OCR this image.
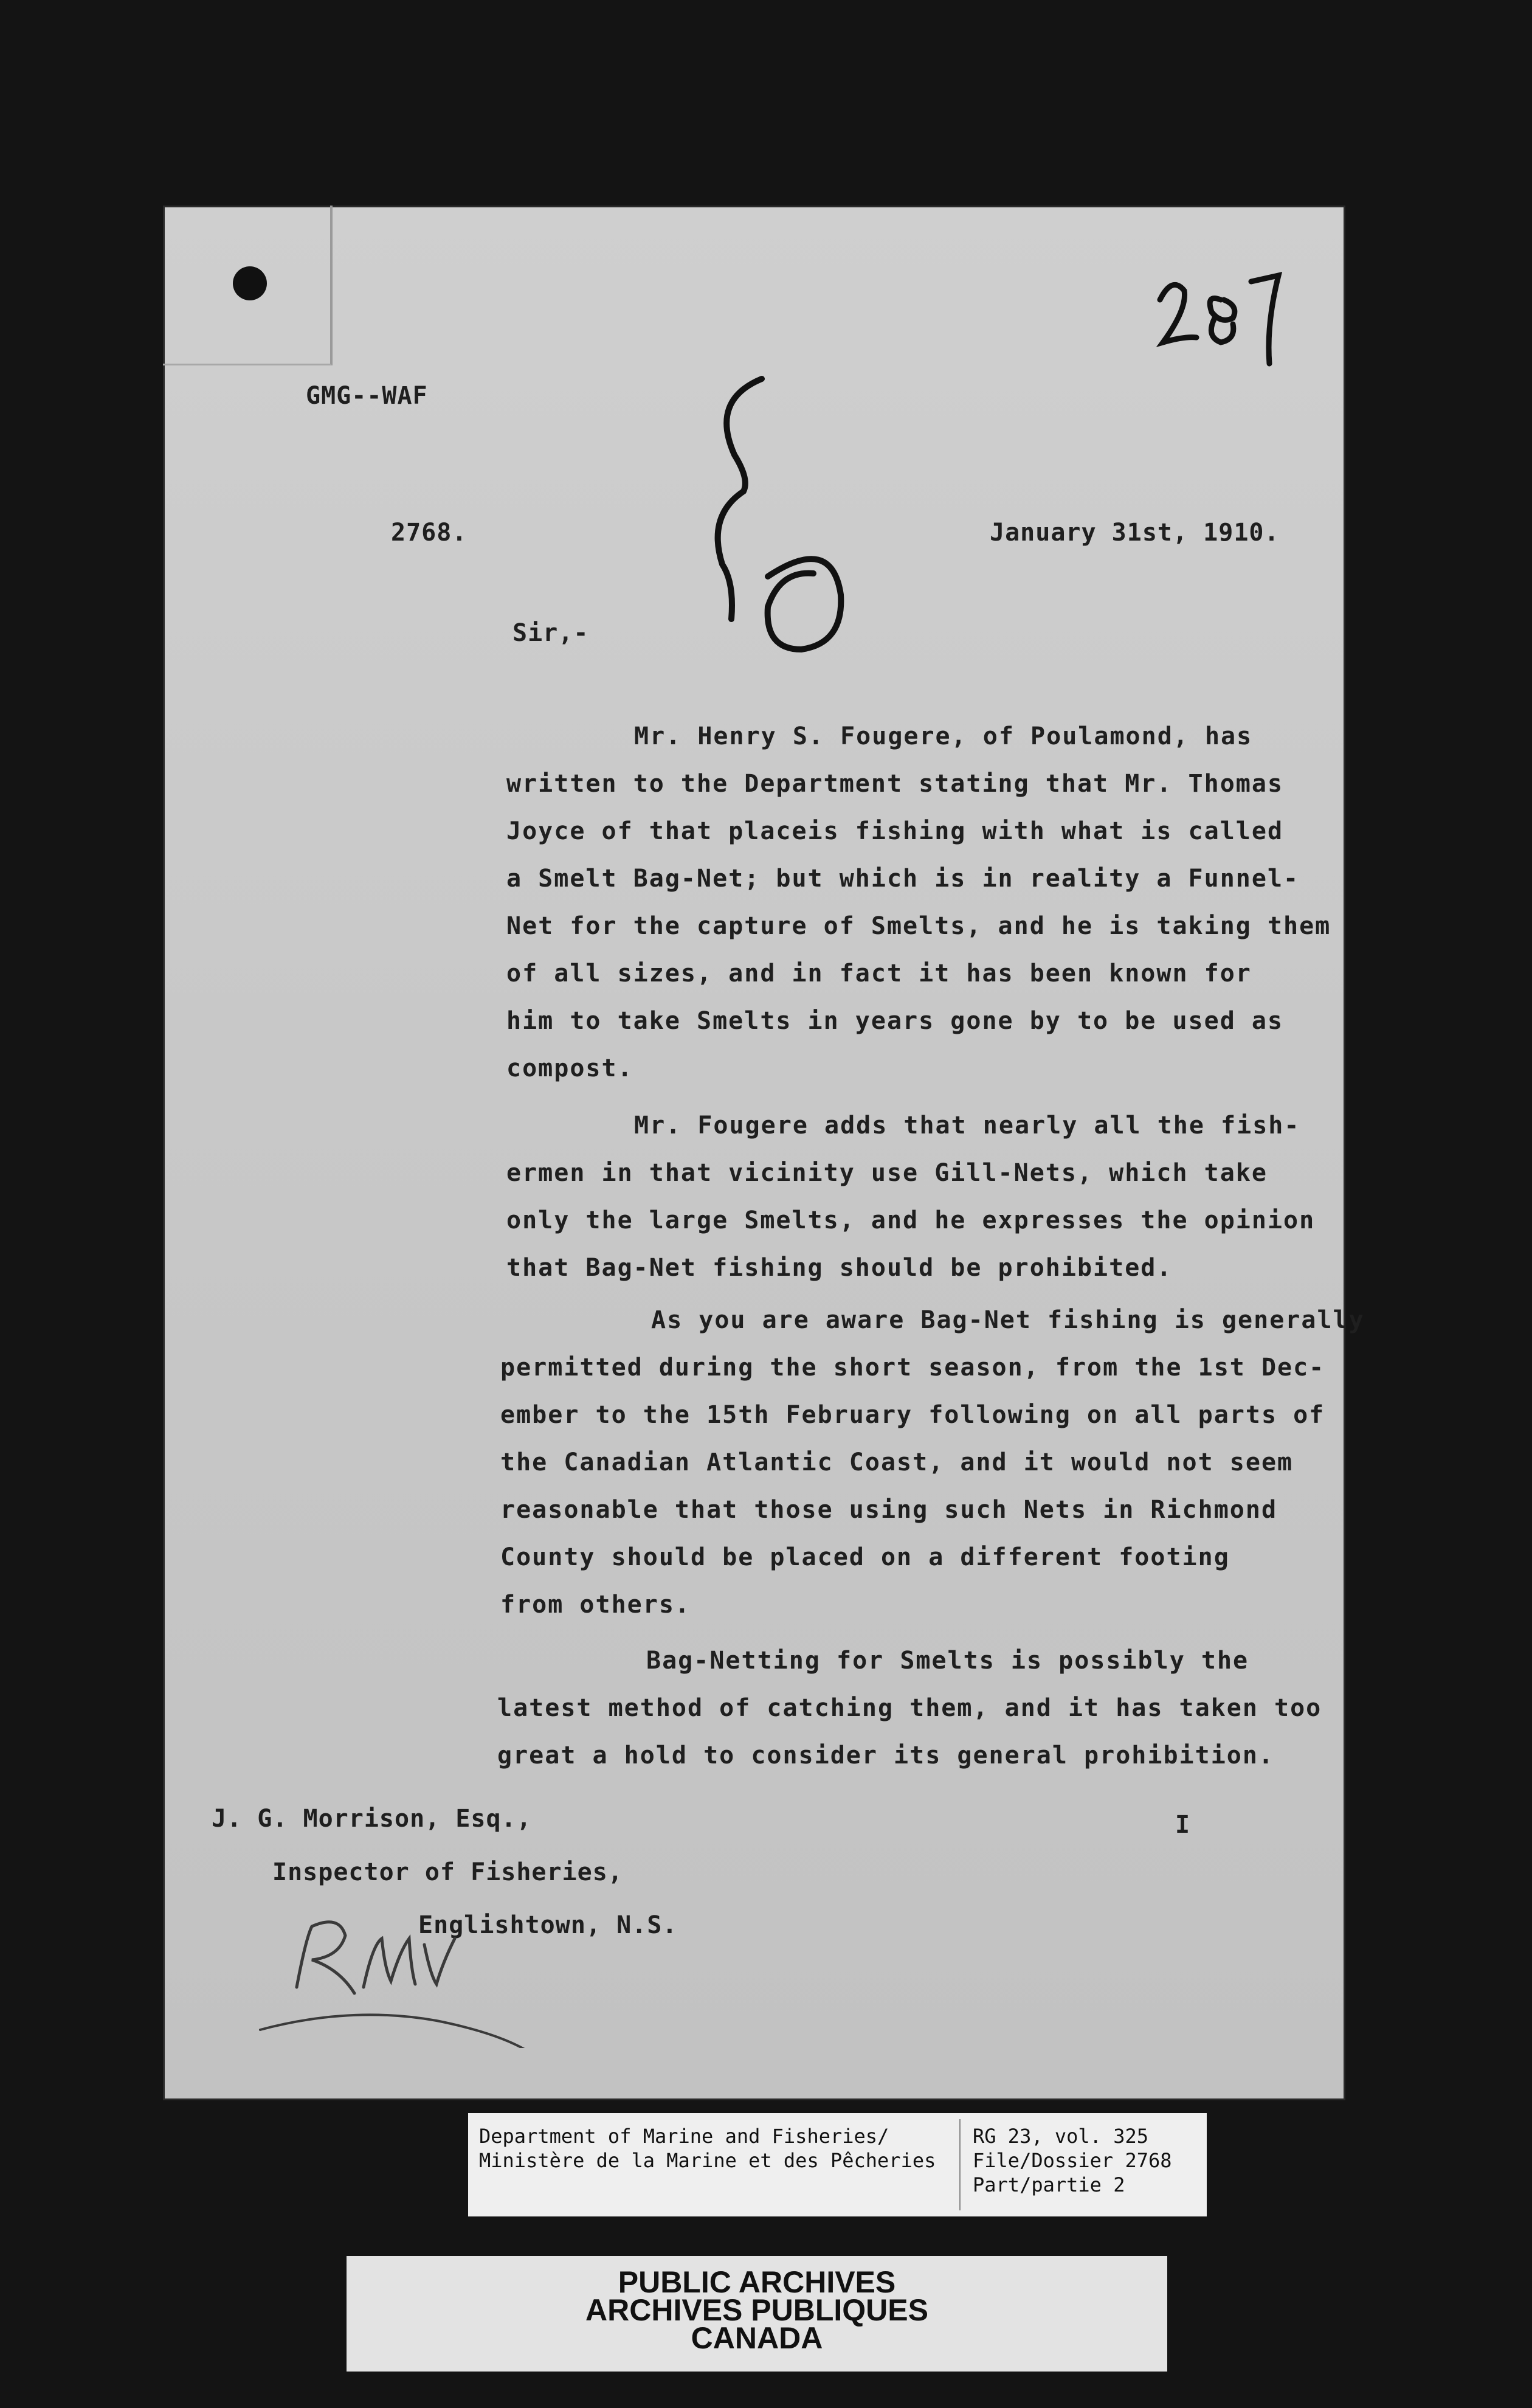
GMG--WAF
2768.	January 31st, 1910.
Sir,-
Mr. Henry S. Fougere, of Poulamond, has
written to the Department stating that Mr. Thomas
Joyce of that placeis fishing with what is called
a Smelt Bag-Net; but which is in reality a Funnel-
Net for the capture of Smelts, and he is taking them
of all sizes, and in fact it has been known for
him to take Smelts in years gone by to be used as
compost.
Mr. Fougere adds that nearly all the fish-
ermen in that vicinity use Gill-Nets, which take
only the large Smelts, and he expresses the opinion
that Bag-Net fishing should be prohibited.
As you are aware Bag-Net fishing is generally
permitted during the short season, from the 1st Dec-
ember to the 15th February following on all parts of
the Canadian Atlantic Coast, and it would not seem
reasonable that those using such Nets in Richmond
County should be placed on a different footing
from others.
Bag-Netting for Smelts is possibly the
latest method of catching them, and it has taken too
great a hold to consider its general prohibition.
I
J. G. Morrison, Esq.,
Inspector of Fisheries,
Englishtown, N.S.
Department of Marine and Fisheries/
Ministère de la Marine et des Pêcheries
RG 23, vol. 325
File/Dossier 2768
Part/partie 2
PUBLIC ARCHIVES
ARCHIVES PUBLIQUES
CANADA
